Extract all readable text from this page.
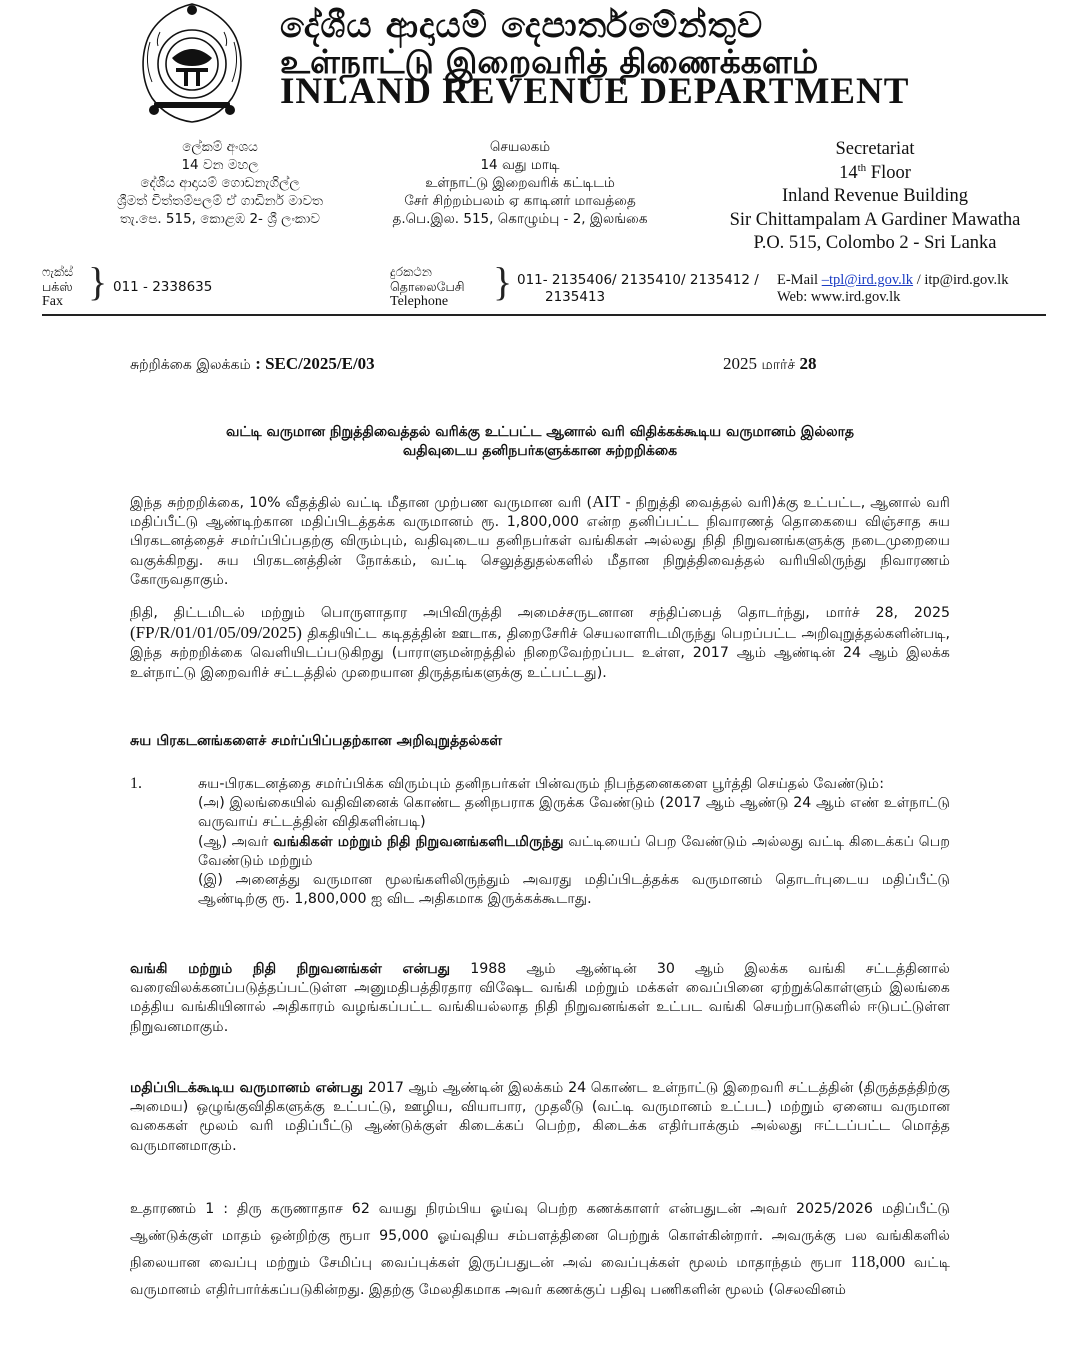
දේශීය ආදායම් දෙපාර්තමේන්තුව
உள்நாட்டு இறைவரித் திணைக்களம்
INLAND REVENUE DEPARTMENT
ලේකම් අංශය
14 වන මහල
දේශීය ආදායම් ගොඩනැගිල්ල
ශ්‍රීමත් චිත්තම්පලම් ඒ ගාඩිනර් මාවත
තැ.පෙ. 515, කොළඹ 2- ශ්‍රී ලංකාව
செயலகம்
14 வது மாடி
உள்நாட்டு இறைவரிக் கட்டிடம்
சேர் சிற்றம்பலம் ஏ காடினர் மாவத்தை
த.பெ.இல. 515, கொழும்பு - 2, இலங்கை
Secretariat
14th Floor
Inland Revenue Building
Sir Chittampalam A Gardiner Mawatha
P.O. 515, Colombo 2 - Sri Lanka
ෆැක්ස්
பக்ஸ்
Fax } 011 - 2338635
දුරකථන
தொலைபேசி
Telephone	} 011- 2135406/ 2135410/ 2135412 /
2135413
E-Mail –tpl@ird.gov.lk / itp@ird.gov.lk
Web: www.ird.gov.lk
சுற்றிக்கை இலக்கம் : SEC/2025/E/03	2025 மார்ச் 28
வட்டி வருமான நிறுத்திவைத்தல் வரிக்கு உட்பட்ட ஆனால் வரி விதிக்கக்கூடிய வருமானம் இல்லாத
வதிவுடைய தனிநபர்களுக்கான சுற்றறிக்கை
இந்த சுற்றறிக்கை, 10% வீதத்தில் வட்டி மீதான முற்பண வருமான வரி (AIT - நிறுத்தி வைத்தல் வரி)க்கு உட்பட்ட, ஆனால் வரி மதிப்பீட்டு ஆண்டிற்கான மதிப்பிடத்தக்க வருமானம் ரூ. 1,800,000 என்ற தனிப்பட்ட நிவாரணத் தொகையை விஞ்சாத சுய பிரகடனத்தைச் சமர்ப்பிப்பதற்கு விரும்பும், வதிவுடைய தனிநபர்கள் வங்கிகள் அல்லது நிதி நிறுவனங்களுக்கு நடைமுறையை வகுக்கிறது. சுய பிரகடனத்தின் நோக்கம், வட்டி செலுத்துதல்களில் மீதான நிறுத்திவைத்தல் வரியிலிருந்து நிவாரணம் கோருவதாகும்.
நிதி, திட்டமிடல் மற்றும் பொருளாதார அபிவிருத்தி அமைச்சருடனான சந்திப்பைத் தொடர்ந்து, மார்ச் 28, 2025 (FP/R/01/01/05/09/2025) திகதியிட்ட கடிதத்தின் ஊடாக, திறைசேரிச் செயலாளரிடமிருந்து பெறப்பட்ட அறிவுறுத்தல்களின்படி, இந்த சுற்றறிக்கை வெளியிடப்படுகிறது (பாராளுமன்றத்தில் நிறைவேற்றப்பட உள்ள, 2017 ஆம் ஆண்டின் 24 ஆம் இலக்க உள்நாட்டு இறைவரிச் சட்டத்தில் முறையான திருத்தங்களுக்கு உட்பட்டது).
சுய பிரகடனங்களைச் சமர்ப்பிப்பதற்கான அறிவுறுத்தல்கள்
1.	சுய-பிரகடனத்தை சமர்ப்பிக்க விரும்பும் தனிநபர்கள் பின்வரும் நிபந்தனைகளை பூர்த்தி செய்தல் வேண்டும்:

(அ) இலங்கையில் வதிவினைக் கொண்ட தனிநபராக இருக்க வேண்டும் (2017 ஆம் ஆண்டு 24 ஆம் எண் உள்நாட்டு வருவாய் சட்டத்தின் விதிகளின்படி)

(ஆ) அவர் வங்கிகள் மற்றும் நிதி நிறுவனங்களிடமிருந்து வட்டியைப் பெற வேண்டும் அல்லது வட்டி கிடைக்கப் பெற வேண்டும் மற்றும்

(இ) அனைத்து வருமான மூலங்களிலிருந்தும் அவரது மதிப்பிடத்தக்க வருமானம் தொடர்புடைய மதிப்பீட்டு ஆண்டிற்கு ரூ. 1,800,000 ஐ விட அதிகமாக இருக்கக்கூடாது.

வங்கி மற்றும் நிதி நிறுவனங்கள் என்பது 1988 ஆம் ஆண்டின் 30 ஆம் இலக்க வங்கி சட்டத்தினால் வரைவிலக்கனப்படுத்தப்பட்டுள்ள அனுமதிபத்திரதார விஷேட வங்கி மற்றும் மக்கள் வைப்பினை ஏற்றுக்கொள்ளும் இலங்கை மத்திய வங்கியினால் அதிகாரம் வழங்கப்பட்ட வங்கியல்லாத நிதி நிறுவனங்கள் உட்பட வங்கி செயற்பாடுகளில் ஈடுபட்டுள்ள நிறுவனமாகும்.
மதிப்பிடக்கூடிய வருமானம் என்பது 2017 ஆம் ஆண்டின் இலக்கம் 24 கொண்ட உள்நாட்டு இறைவரி சட்டத்தின் (திருத்தத்திற்கு அமைய) ஒழுங்குவிதிகளுக்கு உட்பட்டு, ஊழிய, வியாபார, முதலீடு (வட்டி வருமானம் உட்பட) மற்றும் ஏனைய வருமான வகைகள் மூலம் வரி மதிப்பீட்டு ஆண்டுக்குள் கிடைக்கப் பெற்ற, கிடைக்க எதிர்பாக்கும் அல்லது ஈட்டப்பட்ட மொத்த வருமானமாகும்.
உதாரணம் 1 : திரு கருணாதாச 62 வயது நிரம்பிய ஓய்வு பெற்ற கணக்காளர் என்பதுடன் அவர் 2025/2026 மதிப்பீட்டு ஆண்டுக்குள் மாதம் ஒன்றிற்கு ரூபா 95,000 ஓய்வுதிய சம்பளத்தினை பெற்றுக் கொள்கின்றார். அவருக்கு பல வங்கிகளில் நிலையான வைப்பு மற்றும் சேமிப்பு வைப்புக்கள் இருப்பதுடன் அவ் வைப்புக்கள் மூலம் மாதாந்தம் ரூபா 118,000 வட்டி வருமானம் எதிர்பார்க்கப்படுகின்றது. இதற்கு மேலதிகமாக அவர் கணக்குப் பதிவு பணிகளின் மூலம் (செலவினம்
